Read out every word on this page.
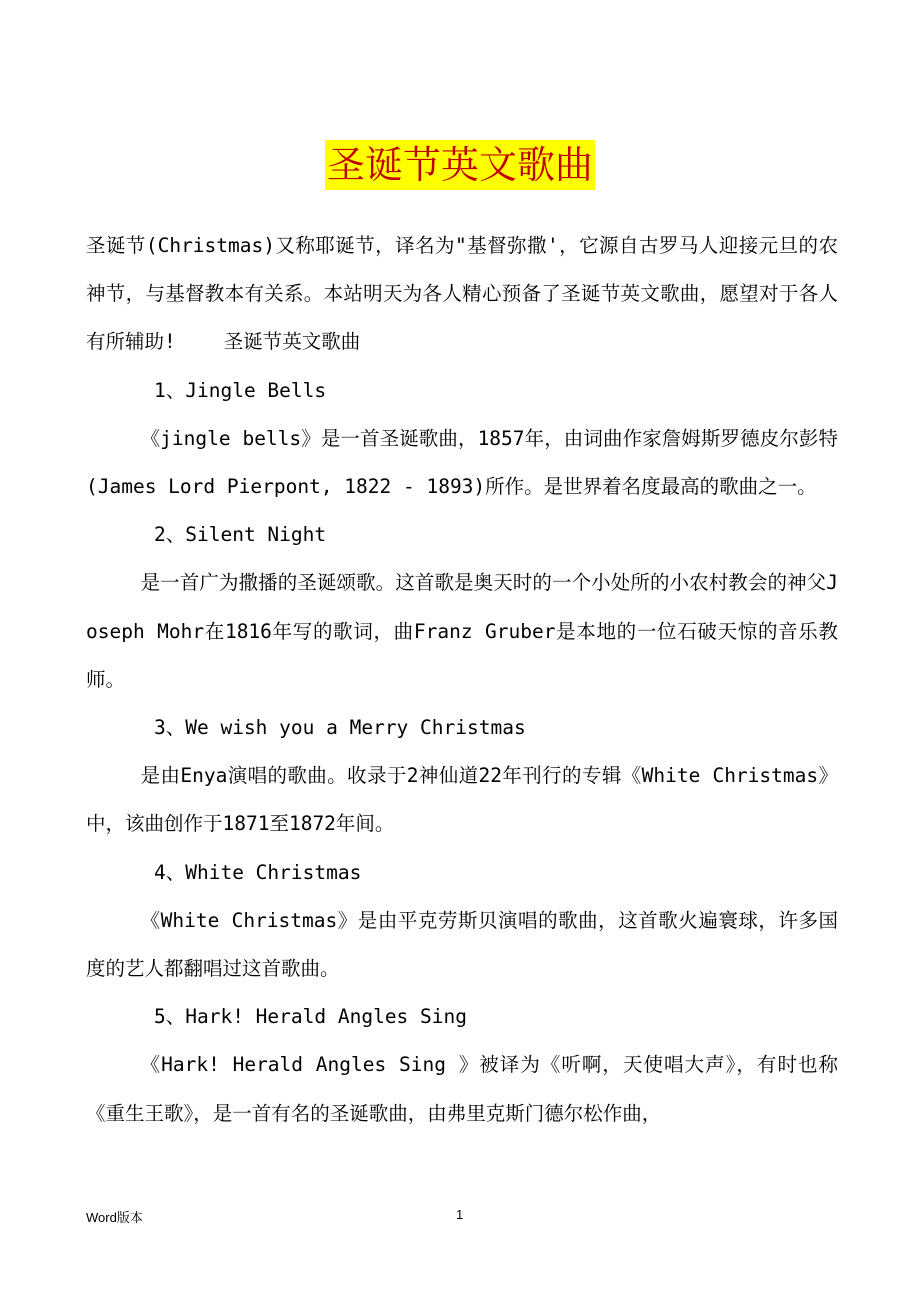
圣诞节英文歌曲

圣诞节(Christmas)又称耶诞节，译名为"基督弥撒'，它源自古罗马人迎接元旦的农神节，与基督教本有关系。本站明天为各人精心预备了圣诞节英文歌曲，愿望对于各人有所辅助! 圣诞节英文歌曲

1、Jingle Bells

《jingle bells》是一首圣诞歌曲，1857年，由词曲作家詹姆斯罗德皮尔彭特(James Lord Pierpont, 1822 - 1893)所作。是世界着名度最高的歌曲之一。

2、Silent Night

是一首广为撒播的圣诞颂歌。这首歌是奥天时的一个小处所的小农村教会的神父Joseph Mohr在1816年写的歌词，曲Franz Gruber是本地的一位石破天惊的音乐教师。

3、We wish you a Merry Christmas

是由Enya演唱的歌曲。收录于2神仙道22年刊行的专辑《White Christmas》中，该曲创作于1871至1872年间。

4、White Christmas

《White Christmas》是由平克劳斯贝演唱的歌曲，这首歌火遍寰球，许多国度的艺人都翻唱过这首歌曲。

5、Hark! Herald Angles Sing

《Hark! Herald Angles Sing 》被译为《听啊，天使唱大声》，有时也称《重生王歌》，是一首有名的圣诞歌曲，由弗里克斯门德尔松作曲，

Word版本	1
